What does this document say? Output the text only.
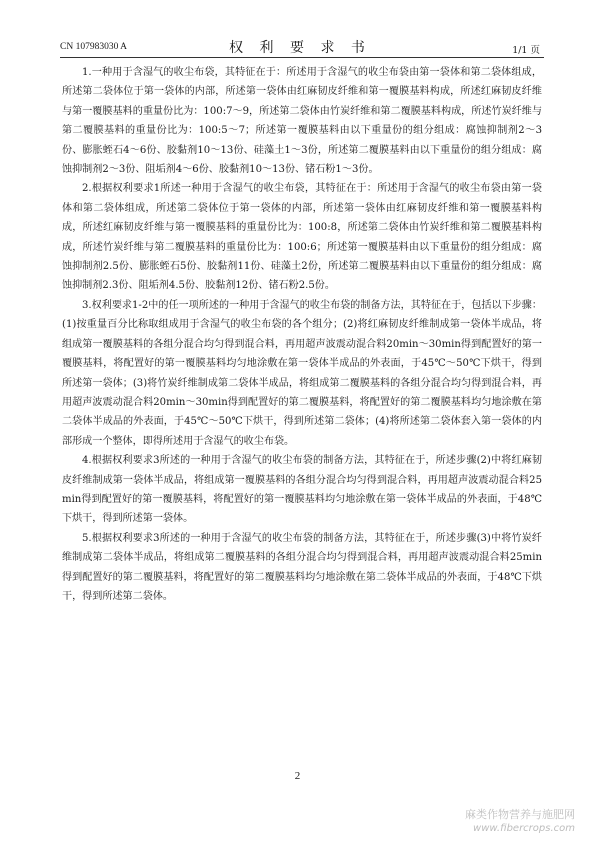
CN 107983030 A	权 利 要 求 书	1/1 页

1.一种用于含湿气的收尘布袋，其特征在于：所述用于含湿气的收尘布袋由第一袋体和第二袋体组成，所述第二袋体位于第一袋体的内部，所述第一袋体由红麻韧皮纤维和第一覆膜基料构成，所述红麻韧皮纤维与第一覆膜基料的重量份比为：100:7～9，所述第二袋体由竹炭纤维和第二覆膜基料构成，所述竹炭纤维与第二覆膜基料的重量份比为：100:5～7；所述第一覆膜基料由以下重量份的组分组成：腐蚀抑制剂2～3份、膨胀蛭石4～6份、胶黏剂10～13份、硅藻土1～3份，所述第二覆膜基料由以下重量份的组分组成：腐蚀抑制剂2～3份、阻垢剂4～6份、胶黏剂10～13份、锗石粉1～3份。

2.根据权利要求1所述一种用于含湿气的收尘布袋，其特征在于：所述用于含湿气的收尘布袋由第一袋体和第二袋体组成，所述第二袋体位于第一袋体的内部，所述第一袋体由红麻韧皮纤维和第一覆膜基料构成，所述红麻韧皮纤维与第一覆膜基料的重量份比为：100:8，所述第二袋体由竹炭纤维和第二覆膜基料构成，所述竹炭纤维与第二覆膜基料的重量份比为：100:6；所述第一覆膜基料由以下重量份的组分组成：腐蚀抑制剂2.5份、膨胀蛭石5份、胶黏剂11份、硅藻土2份，所述第二覆膜基料由以下重量份的组分组成：腐蚀抑制剂2.3份、阻垢剂4.5份、胶黏剂12份、锗石粉2.5份。

3.权利要求1-2中的任一项所述的一种用于含湿气的收尘布袋的制备方法，其特征在于，包括以下步骤：(1)按重量百分比称取组成用于含湿气的收尘布袋的各个组分；(2)将红麻韧皮纤维制成第一袋体半成品，将组成第一覆膜基料的各组分混合均匀得到混合料，再用超声波震动混合料20min～30min得到配置好的第一覆膜基料，将配置好的第一覆膜基料均匀地涂敷在第一袋体半成品的外表面，于45℃～50℃下烘干，得到所述第一袋体；(3)将竹炭纤维制成第二袋体半成品，将组成第二覆膜基料的各组分混合均匀得到混合料，再用超声波震动混合料20min～30min得到配置好的第二覆膜基料，将配置好的第二覆膜基料均匀地涂敷在第二袋体半成品的外表面，于45℃～50℃下烘干，得到所述第二袋体；(4)将所述第二袋体套入第一袋体的内部形成一个整体，即得所述用于含湿气的收尘布袋。

4.根据权利要求3所述的一种用于含湿气的收尘布袋的制备方法，其特征在于，所述步骤(2)中将红麻韧皮纤维制成第一袋体半成品，将组成第一覆膜基料的各组分混合均匀得到混合料，再用超声波震动混合料25min得到配置好的第一覆膜基料，将配置好的第一覆膜基料均匀地涂敷在第一袋体半成品的外表面，于48℃下烘干，得到所述第一袋体。

5.根据权利要求3所述的一种用于含湿气的收尘布袋的制备方法，其特征在于，所述步骤(3)中将竹炭纤维制成第二袋体半成品，将组成第二覆膜基料的各组分混合均匀得到混合料，再用超声波震动混合料25min得到配置好的第二覆膜基料，将配置好的第二覆膜基料均匀地涂敷在第二袋体半成品的外表面，于48℃下烘干，得到所述第二袋体。

2
麻类作物营养与施肥网
www.fibercrops.com
